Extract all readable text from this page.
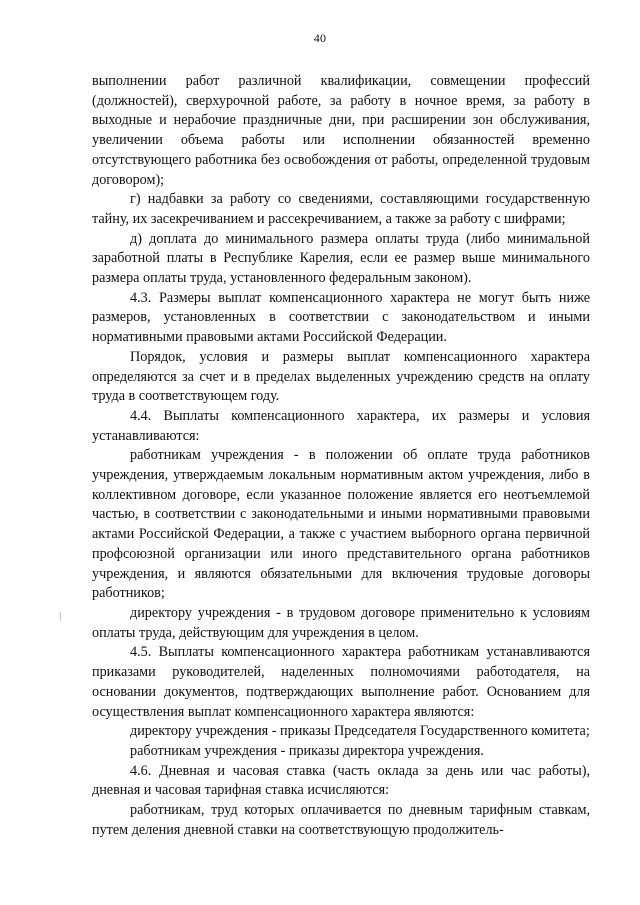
40

выполнении работ различной квалификации, совмещении профессий (должностей), сверхурочной работе, за работу в ночное время, за работу в выходные и нерабочие праздничные дни, при расширении зон обслуживания, увеличении объема работы или исполнении обязанностей временно отсутствующего работника без освобождения от работы, определенной трудовым договором);

г) надбавки за работу со сведениями, составляющими государственную тайну, их засекречиванием и рассекречиванием, а также за работу с шифрами;

д) доплата до минимального размера оплаты труда (либо минимальной заработной платы в Республике Карелия, если ее размер выше минимального размера оплаты труда, установленного федеральным законом).

4.3. Размеры выплат компенсационного характера не могут быть ниже размеров, установленных в соответствии с законодательством и иными нормативными правовыми актами Российской Федерации.

Порядок, условия и размеры выплат компенсационного характера определяются за счет и в пределах выделенных учреждению средств на оплату труда в соответствующем году.

4.4. Выплаты компенсационного характера, их размеры и условия устанавливаются:

работникам учреждения - в положении об оплате труда работников учреждения, утверждаемым локальным нормативным актом учреждения, либо в коллективном договоре, если указанное положение является его неотъемлемой частью, в соответствии с законодательными и иными нормативными правовыми актами Российской Федерации, а также с участием выборного органа первичной профсоюзной организации или иного представительного органа работников учреждения, и являются обязательными для включения трудовые договоры работников;

директору учреждения - в трудовом договоре применительно к условиям оплаты труда, действующим для учреждения в целом.

4.5. Выплаты компенсационного характера работникам устанавливаются приказами руководителей, наделенных полномочиями работодателя, на основании документов, подтверждающих выполнение работ. Основанием для осуществления выплат компенсационного характера являются:

директору учреждения - приказы Председателя Государственного комитета;

работникам учреждения - приказы директора учреждения.

4.6. Дневная и часовая ставка (часть оклада за день или час работы), дневная и часовая тарифная ставка исчисляются:

работникам, труд которых оплачивается по дневным тарифным ставкам, путем деления дневной ставки на соответствующую продолжитель-
